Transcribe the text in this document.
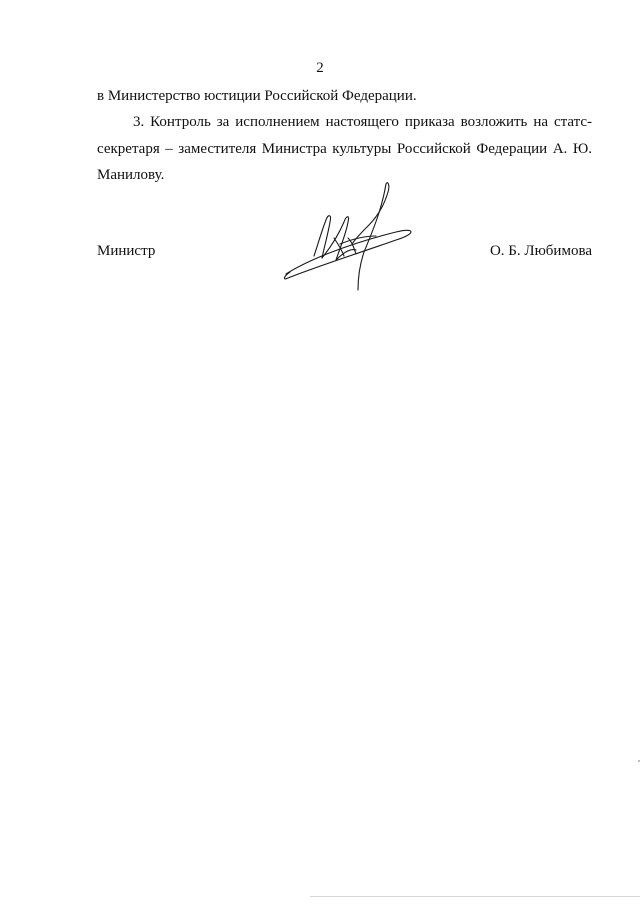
2
в Министерство юстиции Российской Федерации.
3. Контроль за исполнением настоящего приказа возложить на статс-секретаря – заместителя Министра культуры Российской Федерации А. Ю. Манилову.
Министр	О. Б. Любимова
